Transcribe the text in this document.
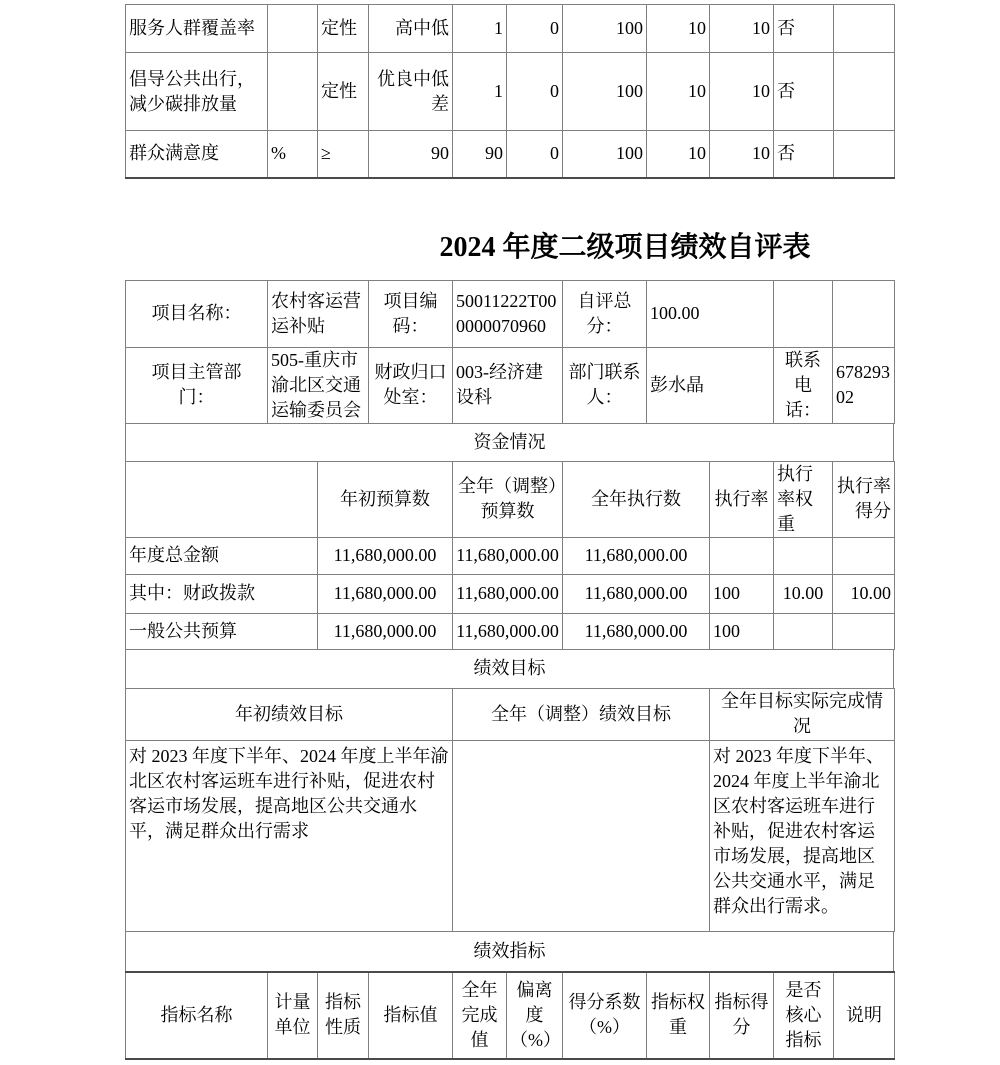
服务人群覆盖率		定性	高中低	1	0	100	10	10	否	
倡导公共出行，减少碳排放量		定性	优良中低差	1	0	100	10	10	否	
群众满意度	%	≥	90	90	0	100	10	10	否	
2024 年度二级项目绩效自评表
项目名称：	农村客运营运补贴	项目编码：	50011222T000000070960	自评总分：	100.00		
项目主管部门：	505-重庆市渝北区交通运输委员会	财政归口处室：	003-经济建设科	部门联系人：	彭水晶	联系电话：	67829302
资金情况
	年初预算数	全年（调整）预算数	全年执行数	执行率	执行率权重	执行率得分
年度总金额	11,680,000.00	11,680,000.00	11,680,000.00			
其中：财政拨款	11,680,000.00	11,680,000.00	11,680,000.00	100	10.00	10.00
一般公共预算	11,680,000.00	11,680,000.00	11,680,000.00	100		
绩效目标
年初绩效目标	全年（调整）绩效目标	全年目标实际完成情况
对 2023 年度下半年、2024 年度上半年渝北区农村客运班车进行补贴，促进农村客运市场发展，提高地区公共交通水平，满足群众出行需求		对 2023 年度下半年、2024 年度上半年渝北区农村客运班车进行补贴，促进农村客运市场发展，提高地区公共交通水平，满足群众出行需求。
绩效指标
指标名称	计量单位	指标性质	指标值	全年完成值	偏离度（%）	得分系数（%）	指标权重	指标得分	是否核心指标	说明
